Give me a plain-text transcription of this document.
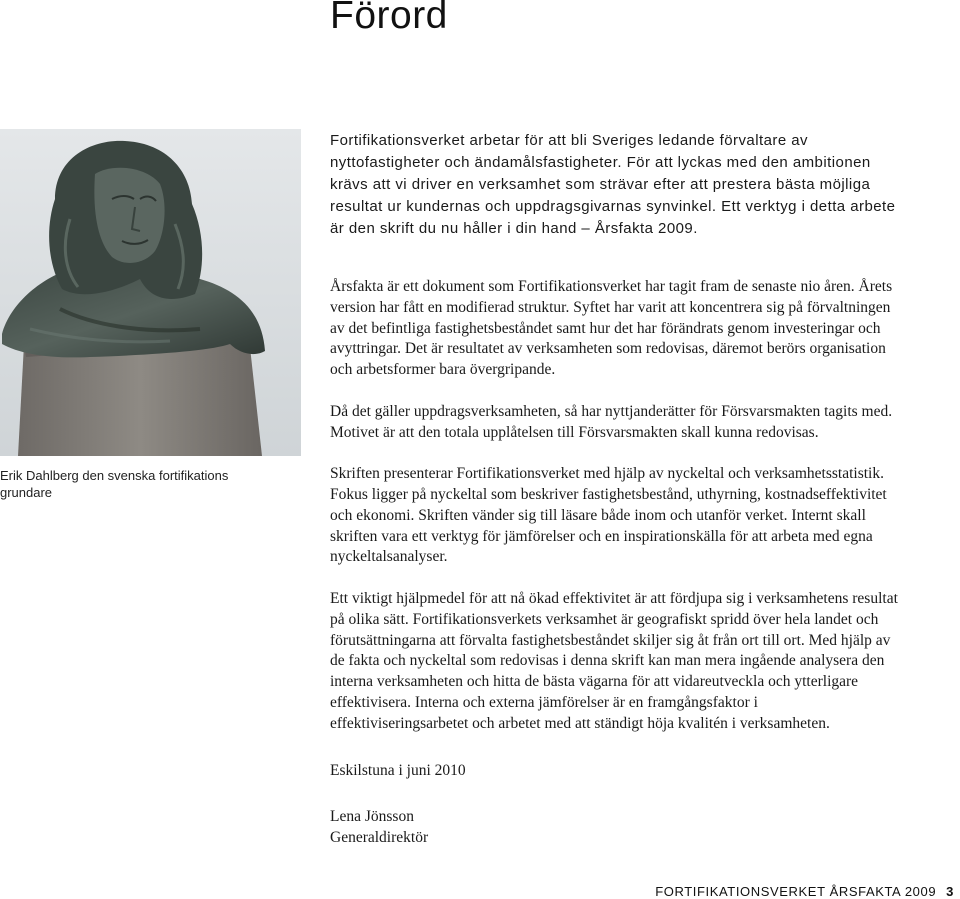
Förord

Erik Dahlberg den svenska fortifikations grundare

Fortifikationsverket arbetar för att bli Sveriges ledande förvaltare av nyttofastigheter och ändamålsfastigheter. För att lyckas med den ambitionen krävs att vi driver en verksamhet som strävar efter att prestera bästa möjliga resultat ur kundernas och uppdragsgivarnas synvinkel. Ett verktyg i detta arbete är den skrift du nu håller i din hand – Årsfakta 2009.

Årsfakta är ett dokument som Fortifikationsverket har tagit fram de senaste nio åren. Årets version har fått en modifierad struktur. Syftet har varit att koncentrera sig på förvaltningen av det befintliga fastighetsbeståndet samt hur det har förändrats genom investeringar och avyttringar. Det är resultatet av verksamheten som redovisas, däremot berörs organisation och arbetsformer bara övergripande.

Då det gäller uppdragsverksamheten, så har nyttjanderätter för Försvarsmakten tagits med. Motivet är att den totala upplåtelsen till Försvarsmakten skall kunna redovisas.

Skriften presenterar Fortifikationsverket med hjälp av nyckeltal och verksamhetsstatistik. Fokus ligger på nyckeltal som beskriver fastighetsbestånd, uthyrning, kostnadseffektivitet och ekonomi. Skriften vänder sig till läsare både inom och utanför verket. Internt skall skriften vara ett verktyg för jämförelser och en inspirationskälla för att arbeta med egna nyckeltalsanalyser.

Ett viktigt hjälpmedel för att nå ökad effektivitet är att fördjupa sig i verksamhetens resultat på olika sätt. Fortifikationsverkets verksamhet är geografiskt spridd över hela landet och förutsättningarna att förvalta fastighetsbeståndet skiljer sig åt från ort till ort. Med hjälp av de fakta och nyckeltal som redovisas i denna skrift kan man mera ingående analysera den interna verksamheten och hitta de bästa vägarna för att vidareutveckla och ytterligare effektivisera. Interna och externa jämförelser är en framgångsfaktor i effektiviseringsarbetet och arbetet med att ständigt höja kvalitén i verksamheten.

Eskilstuna i juni 2010

Lena Jönsson

Generaldirektör

FORTIFIKATIONSVERKET ÅRSFAKTA 2009 3
